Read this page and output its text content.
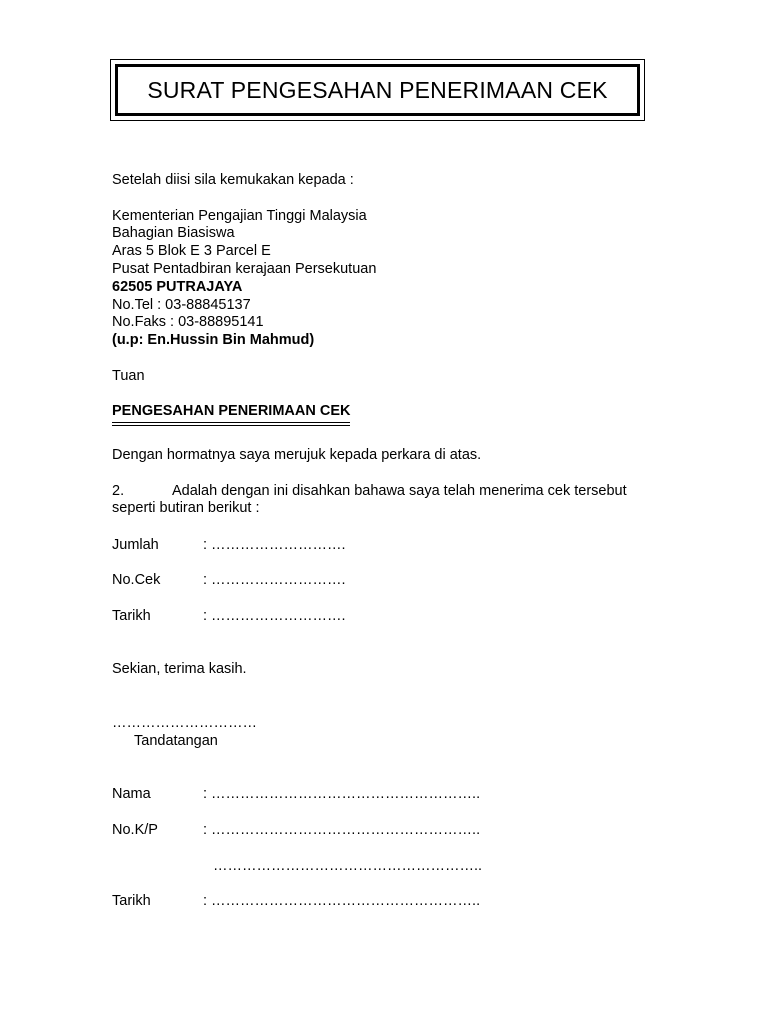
SURAT PENGESAHAN PENERIMAAN CEK
Setelah diisi sila kemukakan kepada :
Kementerian Pengajian Tinggi Malaysia
Bahagian Biasiswa
Aras 5 Blok E 3 Parcel E
Pusat Pentadbiran kerajaan Persekutuan
62505 PUTRAJAYA
No.Tel : 03-88845137
No.Faks : 03-88895141
(u.p: En.Hussin Bin Mahmud)
Tuan
PENGESAHAN PENERIMAAN CEK
Dengan hormatnya saya merujuk kepada perkara di atas.
2.	Adalah dengan ini disahkan bahawa saya telah menerima cek tersebut
seperti butiran berikut :
Jumlah	: ……………………….
No.Cek	: ……………………….
Tarikh	: ……………………….
Sekian, terima kasih.
…………………………
Tandatangan
Nama	: ………………………………………………..
No.K/P	: ………………………………………………..
………………………………………………..
Tarikh	: ………………………………………………..
